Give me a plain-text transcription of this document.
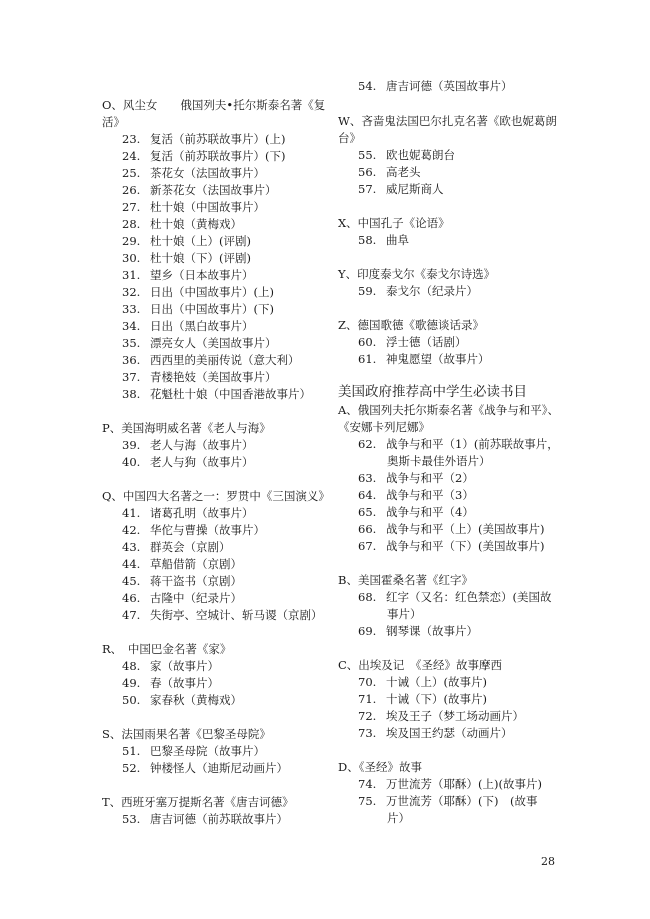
O、风尘女　　俄国列夫•托尔斯泰名著《复
活》
23. 复活（前苏联故事片）(上)
24. 复活（前苏联故事片）(下)
25. 茶花女（法国故事片）
26. 新茶花女（法国故事片）
27. 杜十娘（中国故事片）
28. 杜十娘（黄梅戏）
29. 杜十娘（上）(评剧)
30. 杜十娘（下）(评剧)
31. 望乡（日本故事片）
32. 日出（中国故事片）(上)
33. 日出（中国故事片）(下)
34. 日出（黑白故事片）
35. 漂亮女人（美国故事片）
36. 西西里的美丽传说（意大利）
37. 青楼艳妓（美国故事片）
38. 花魁杜十娘（中国香港故事片）
P、美国海明威名著《老人与海》
39. 老人与海（故事片）
40. 老人与狗（故事片）
Q、中国四大名著之一：罗贯中《三国演义》
41. 诸葛孔明（故事片）
42. 华佗与曹操（故事片）
43. 群英会（京剧）
44. 草船借箭（京剧）
45. 蒋干盗书（京剧）
46. 古隆中（纪录片）
47. 失街亭、空城计、斩马谡（京剧）
R、　中国巴金名著《家》
48. 家（故事片）
49. 春（故事片）
50. 家春秋（黄梅戏）
S、法国雨果名著《巴黎圣母院》
51. 巴黎圣母院（故事片）
52. 钟楼怪人（迪斯尼动画片）
T、西班牙塞万提斯名著《唐吉诃德》
53. 唐吉诃德（前苏联故事片）
54. 唐吉诃德（英国故事片）
W、吝啬鬼法国巴尔扎克名著《欧也妮葛朗
台》
55. 欧也妮葛朗台
56. 高老头
57. 威尼斯商人
X、中国孔子《论语》
58. 曲阜
Y、印度泰戈尔《泰戈尔诗选》
59. 泰戈尔（纪录片）
Z、德国歌德《歌德谈话录》
60. 浮士德（话剧）
61. 神鬼愿望（故事片）
美国政府推荐高中学生必读书目
A、俄国列夫托尔斯泰名著《战争与和平》、
《安娜卡列尼娜》
62. 战争与和平（1）(前苏联故事片，
奥斯卡最佳外语片）
63. 战争与和平（2）
64. 战争与和平（3）
65. 战争与和平（4）
66. 战争与和平（上）(美国故事片)
67. 战争与和平（下）(美国故事片)
B、美国霍桑名著《红字》
68. 红字（又名：红色禁恋）(美国故
事片）
69. 钢琴课（故事片）
C、出埃及记　《圣经》故事摩西
70. 十诫（上）(故事片)
71. 十诫（下）(故事片)
72. 埃及王子（梦工场动画片）
73. 埃及国王约瑟（动画片）
D、《圣经》故事
74. 万世流芳（耶酥）(上)(故事片)
75. 万世流芳（耶酥）(下)　(故事
片）
28
